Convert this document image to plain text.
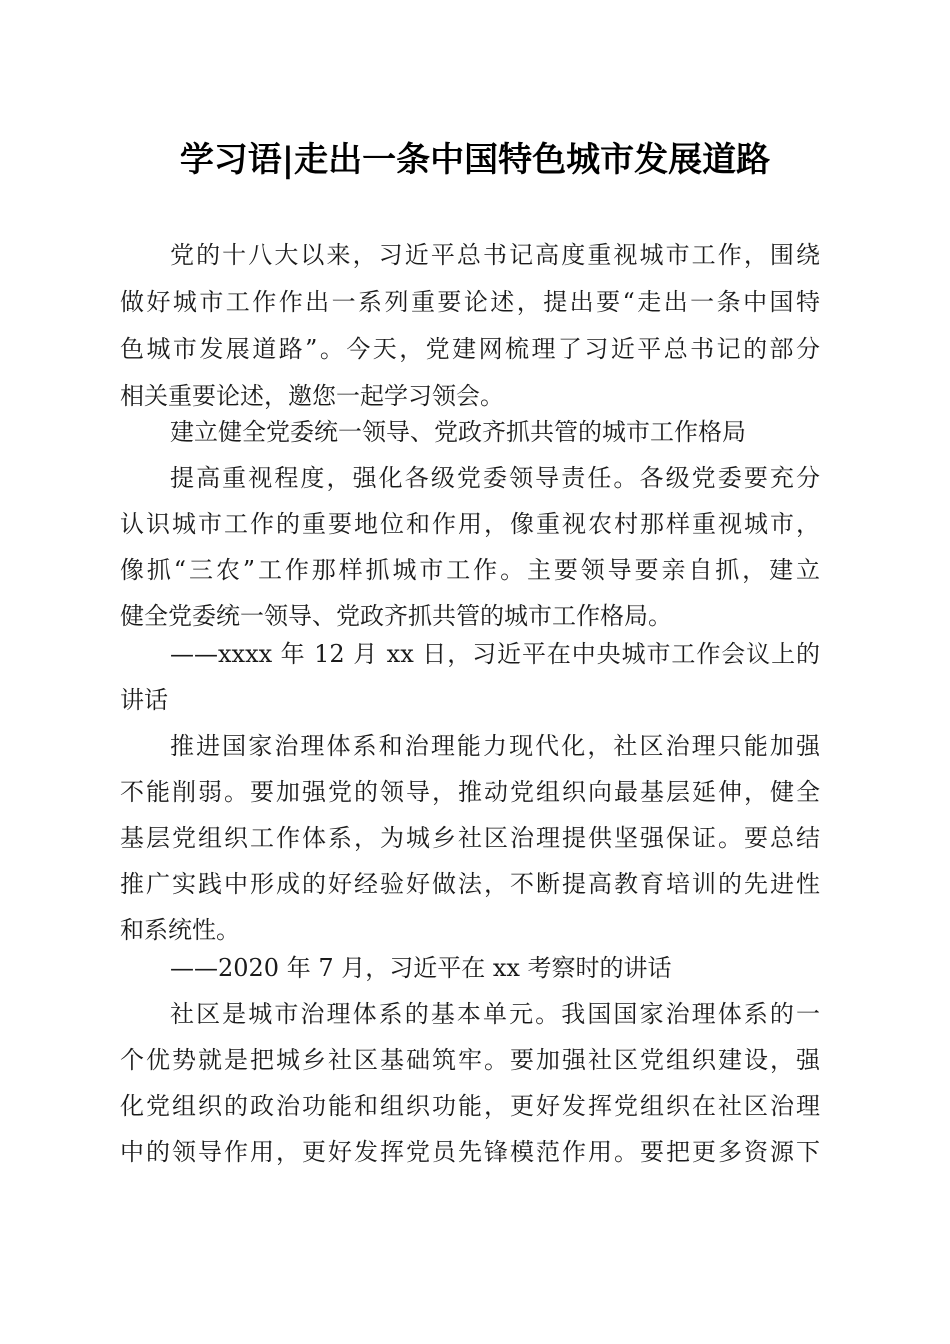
学习语|走出一条中国特色城市发展道路
党的十八大以来，习近平总书记高度重视城市工作，围绕
做好城市工作作出一系列重要论述，提出要“走出一条中国特
色城市发展道路”。今天，党建网梳理了习近平总书记的部分
相关重要论述，邀您一起学习领会。
建立健全党委统一领导、党政齐抓共管的城市工作格局
提高重视程度，强化各级党委领导责任。各级党委要充分
认识城市工作的重要地位和作用，像重视农村那样重视城市，
像抓“三农”工作那样抓城市工作。主要领导要亲自抓，建立
健全党委统一领导、党政齐抓共管的城市工作格局。
——xxxx 年 12 月 xx 日，习近平在中央城市工作会议上的
讲话
推进国家治理体系和治理能力现代化，社区治理只能加强
不能削弱。要加强党的领导，推动党组织向最基层延伸，健全
基层党组织工作体系，为城乡社区治理提供坚强保证。要总结
推广实践中形成的好经验好做法，不断提高教育培训的先进性
和系统性。
——2020 年 7 月，习近平在 xx 考察时的讲话
社区是城市治理体系的基本单元。我国国家治理体系的一
个优势就是把城乡社区基础筑牢。要加强社区党组织建设，强
化党组织的政治功能和组织功能，更好发挥党组织在社区治理
中的领导作用，更好发挥党员先锋模范作用。要把更多资源下
